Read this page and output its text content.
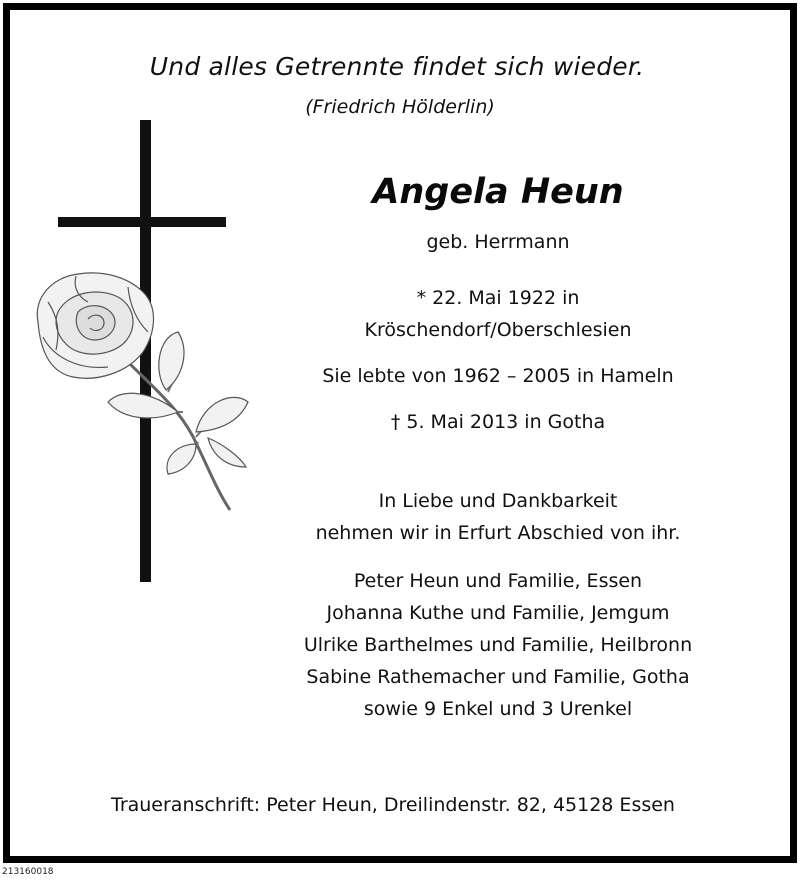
Und alles Getrennte findet sich wieder.
(Friedrich Hölderlin)
Angela Heun
geb. Herrmann
* 22. Mai 1922 in
Kröschendorf/Oberschlesien
Sie lebte von 1962 – 2005 in Hameln
† 5. Mai 2013 in Gotha
In Liebe und Dankbarkeit
nehmen wir in Erfurt Abschied von ihr.
Peter Heun und Familie, Essen
Johanna Kuthe und Familie, Jemgum
Ulrike Barthelmes und Familie, Heilbronn
Sabine Rathemacher und Familie, Gotha
sowie 9 Enkel und 3 Urenkel
Traueranschrift: Peter Heun, Dreilindenstr. 82, 45128 Essen
213160018
